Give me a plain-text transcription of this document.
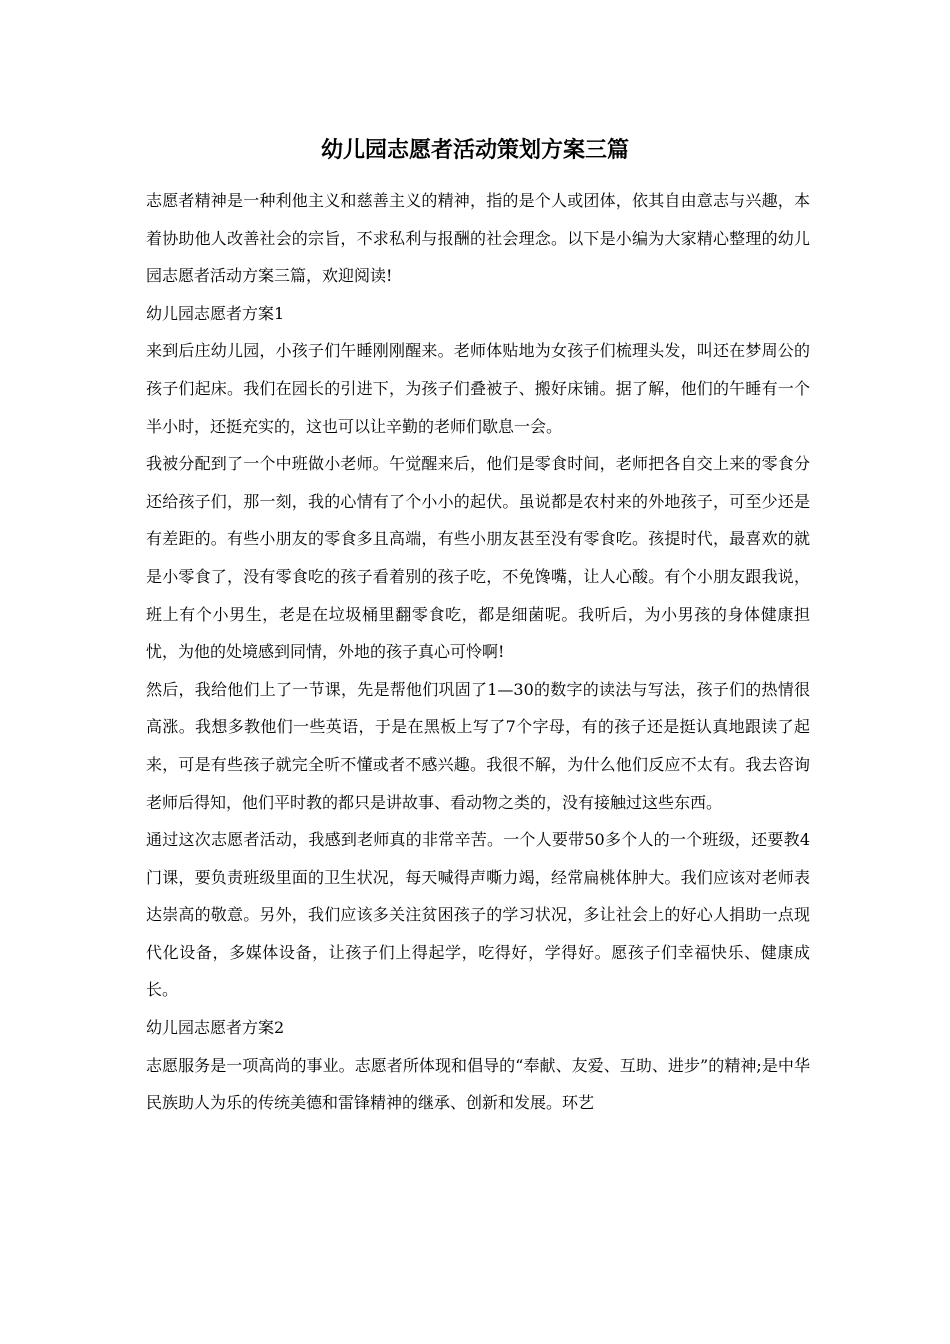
幼儿园志愿者活动策划方案三篇

志愿者精神是一种利他主义和慈善主义的精神，指的是个人或团体，依其自由意志与兴趣，本着协助他人改善社会的宗旨，不求私利与报酬的社会理念。以下是小编为大家精心整理的幼儿园志愿者活动方案三篇，欢迎阅读!

幼儿园志愿者方案1

来到后庄幼儿园，小孩子们午睡刚刚醒来。老师体贴地为女孩子们梳理头发，叫还在梦周公的孩子们起床。我们在园长的引进下，为孩子们叠被子、搬好床铺。据了解，他们的午睡有一个半小时，还挺充实的，这也可以让辛勤的老师们歇息一会。

我被分配到了一个中班做小老师。午觉醒来后，他们是零食时间，老师把各自交上来的零食分还给孩子们，那一刻，我的心情有了个小小的起伏。虽说都是农村来的外地孩子，可至少还是有差距的。有些小朋友的零食多且高端，有些小朋友甚至没有零食吃。孩提时代，最喜欢的就是小零食了，没有零食吃的孩子看着别的孩子吃，不免馋嘴，让人心酸。有个小朋友跟我说，班上有个小男生，老是在垃圾桶里翻零食吃，都是细菌呢。我听后，为小男孩的身体健康担忧，为他的处境感到同情，外地的孩子真心可怜啊!

然后，我给他们上了一节课，先是帮他们巩固了1—30的数字的读法与写法，孩子们的热情很高涨。我想多教他们一些英语，于是在黑板上写了7个字母，有的孩子还是挺认真地跟读了起来，可是有些孩子就完全听不懂或者不感兴趣。我很不解，为什么他们反应不太有。我去咨询老师后得知，他们平时教的都只是讲故事、看动物之类的，没有接触过这些东西。

通过这次志愿者活动，我感到老师真的非常辛苦。一个人要带50多个人的一个班级，还要教4门课，要负责班级里面的卫生状况，每天喊得声嘶力竭，经常扁桃体肿大。我们应该对老师表达崇高的敬意。另外，我们应该多关注贫困孩子的学习状况，多让社会上的好心人捐助一点现代化设备，多媒体设备，让孩子们上得起学，吃得好，学得好。愿孩子们幸福快乐、健康成长。

幼儿园志愿者方案2

志愿服务是一项高尚的事业。志愿者所体现和倡导的“奉献、友爱、互助、进步”的精神;是中华民族助人为乐的传统美德和雷锋精神的继承、创新和发展。环艺
